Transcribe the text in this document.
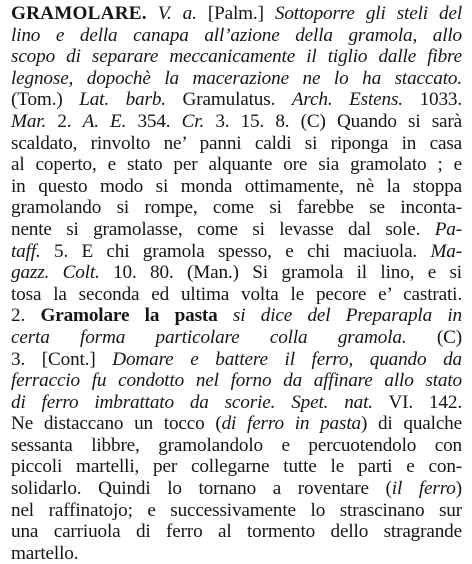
GRAMOLARE. V. a. [Palm.] Sottoporre gli steli del
lino e della canapa all’azione della gramola, allo
scopo di separare meccanicamente il tiglio dalle fibre
legnose, dopochè la macerazione ne lo ha staccato.
(Tom.) Lat. barb. Gramulatus. Arch. Estens. 1033.
Mar. 2. A. E. 354. Cr. 3. 15. 8. (C) Quando si sarà
scaldato, rinvolto ne’ panni caldi si riponga in casa
al coperto, e stato per alquante ore sia gramolato ; e
in questo modo si monda ottimamente, nè la stoppa
gramolando si rompe, come si farebbe se inconta-
nente si gramolasse, come si levasse dal sole. Pa-
taff. 5. E chi gramola spesso, e chi maciuola. Ma-
gazz. Colt. 10. 80. (Man.) Si gramola il lino, e si
tosa la seconda ed ultima volta le pecore e’ castrati.
2. Gramolare la pasta si dice del Preparарla in
certa forma particolare colla gramola. (C)
3. [Cont.] Domare e battere il ferro, quando da
ferraccio fu condotto nel forno da affinare allo stato
di ferro imbrattato da scorie. Spet. nat. VI. 142.
Ne distaccano un tocco (di ferro in pasta) di qualche
sessanta libbre, gramolandolo e percuotendolo con
piccoli martelli, per collegarne tutte le parti e con-
solidarlo. Quindi lo tornano a roventare (il ferro)
nel raffinatojo; e successivamente lo strascinano sur
una carriuola di ferro al tormento dello stragrande
martello.
